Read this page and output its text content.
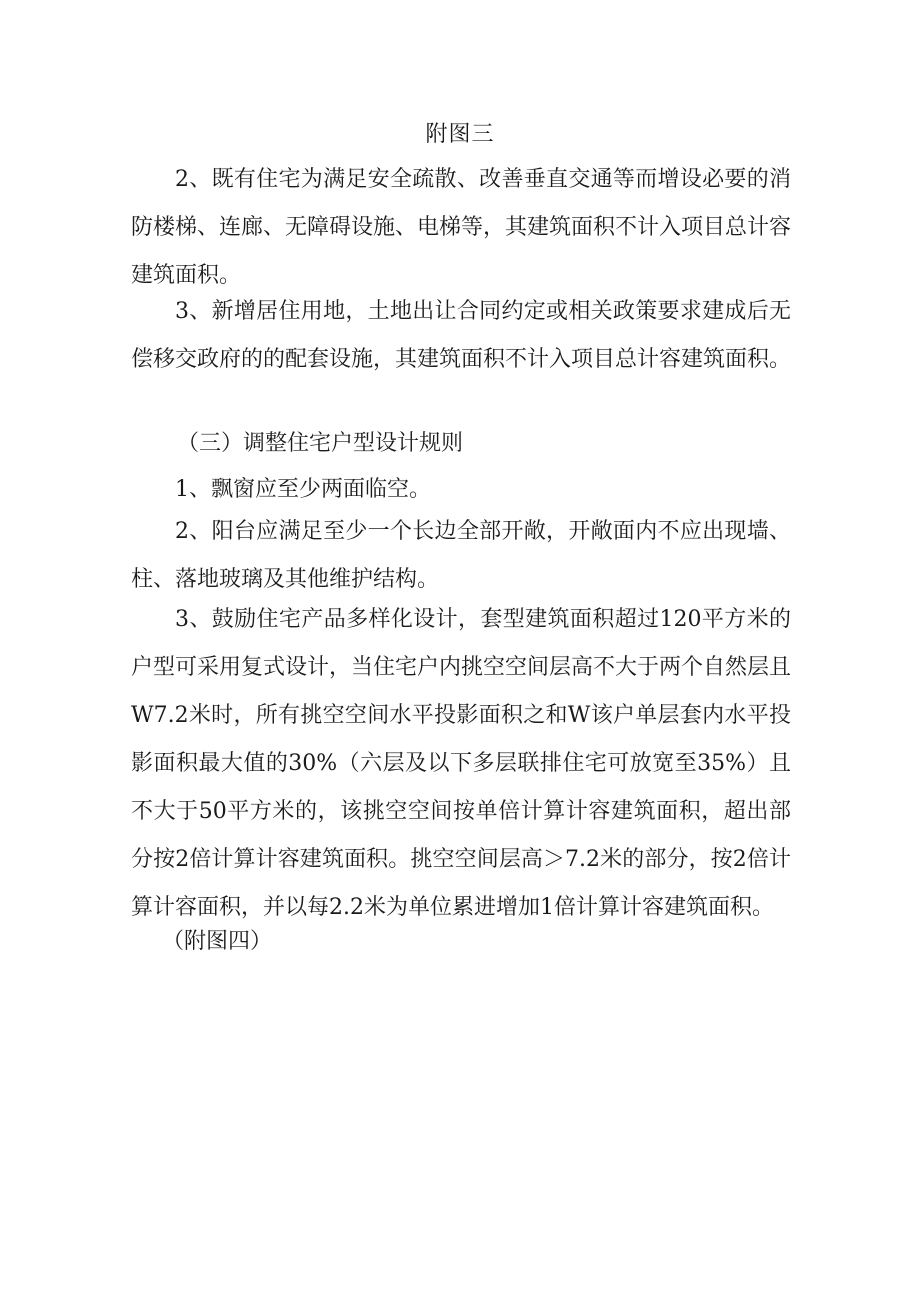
附图三

2、既有住宅为满足安全疏散、改善垂直交通等而增设必要的消防楼梯、连廊、无障碍设施、电梯等，其建筑面积不计入项目总计容建筑面积。

3、新增居住用地，土地出让合同约定或相关政策要求建成后无偿移交政府的的配套设施，其建筑面积不计入项目总计容建筑面积。

（三）调整住宅户型设计规则

1、飘窗应至少两面临空。

2、阳台应满足至少一个长边全部开敞，开敞面内不应出现墙、柱、落地玻璃及其他维护结构。

3、鼓励住宅产品多样化设计，套型建筑面积超过120平方米的户型可采用复式设计，当住宅户内挑空空间层高不大于两个自然层且W7.2米时，所有挑空空间水平投影面积之和W该户单层套内水平投影面积最大值的30%（六层及以下多层联排住宅可放宽至35%）且不大于50平方米的，该挑空空间按单倍计算计容建筑面积，超出部分按2倍计算计容建筑面积。挑空空间层高＞7.2米的部分，按2倍计算计容面积，并以每2.2米为单位累进增加1倍计算计容建筑面积。

（附图四）
